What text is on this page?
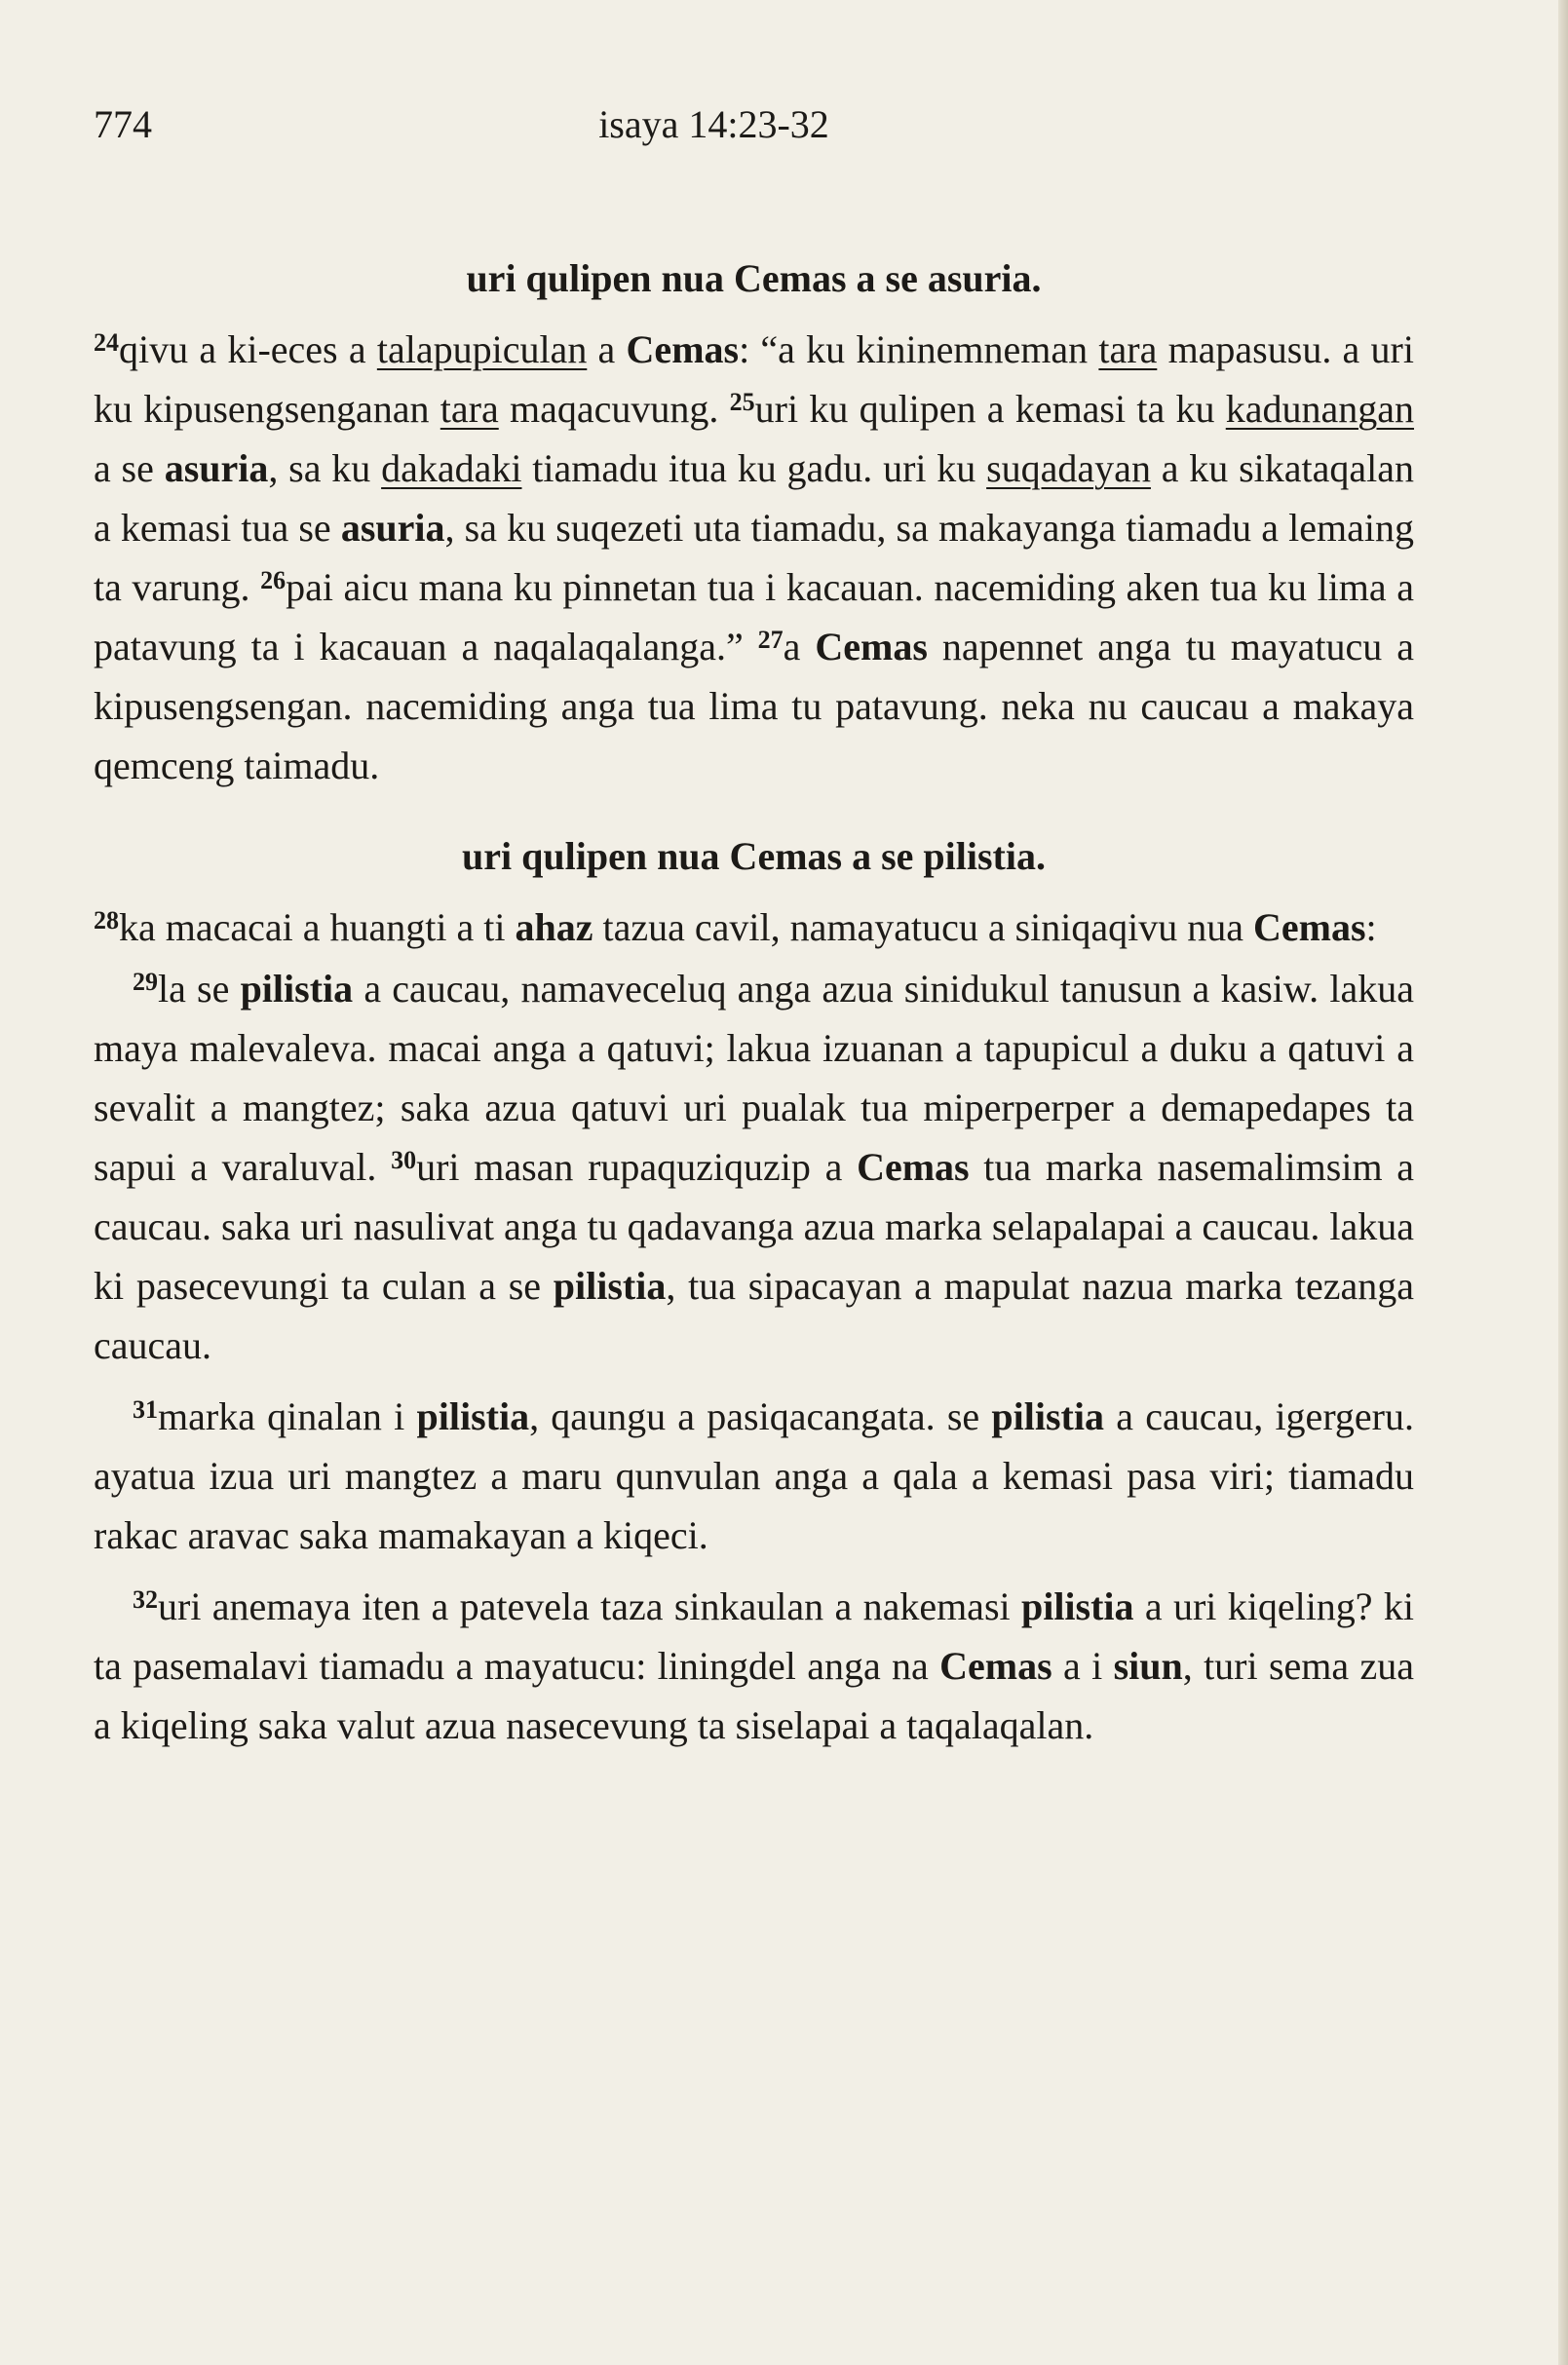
774	isaya 14:23-32
uri qulipen nua Cemas a se asuria.
$^{24}$qivu a ki-eces a talapupiculan a Cemas: “a ku kininemneman tara mapasusu. a uri ku kipusengsenganan tara maqacuvung. $^{25}$uri ku qulipen a kemasi ta ku kadunangan a se asuria, sa ku dakadaki tiamadu itua ku gadu. uri ku suqadayan a ku sikataqalan a kemasi tua se asuria, sa ku suqezeti uta tiamadu, sa makayanga tiamadu a lemaing ta varung. $^{26}$pai aicu mana ku pinnetan tua i kacauan. nacemiding aken tua ku lima a patavung ta i kacauan a naqalaqalanga.” $^{27}$a Cemas napennet anga tu mayatucu a kipusengsengan. nacemiding anga tua lima tu patavung. neka nu caucau a makaya qemceng taimadu.
uri qulipen nua Cemas a se pilistia.
$^{28}$ka macacai a huangti a ti ahaz tazua cavil, namayatucu a siniqaqivu nua Cemas:
$^{29}$la se pilistia a caucau, namaveceluq anga azua sinidukul tanusun a kasiw. lakua maya malevaleva. macai anga a qatuvi; lakua izuanan a tapupicul a duku a qatuvi a sevalit a mangtez; saka azua qatuvi uri pualak tua miperperper a demapedapes ta sapui a varaluval. $^{30}$uri masan rupaquziquzip a Cemas tua marka nasemalimsim a caucau. saka uri nasulivat anga tu qadavanga azua marka selapalapai a caucau. lakua ki pasecevungi ta culan a se pilistia, tua sipacayan a mapulat nazua marka tezanga caucau.
$^{31}$marka qinalan i pilistia, qaungu a pasiqacangata. se pilistia a caucau, igergeru. ayatua izua uri mangtez a maru qunvulan anga a qala a kemasi pasa viri; tiamadu rakac aravac saka mamakayan a kiqeci.
$^{32}$uri anemaya iten a patevela taza sinkaulan a nakemasi pilistia a uri kiqeling? ki ta pasemalavi tiamadu a mayatucu: liningdel anga na Cemas a i siun, turi sema zua a kiqeling saka valut azua nasecevung ta siselapai a taqalaqalan.
